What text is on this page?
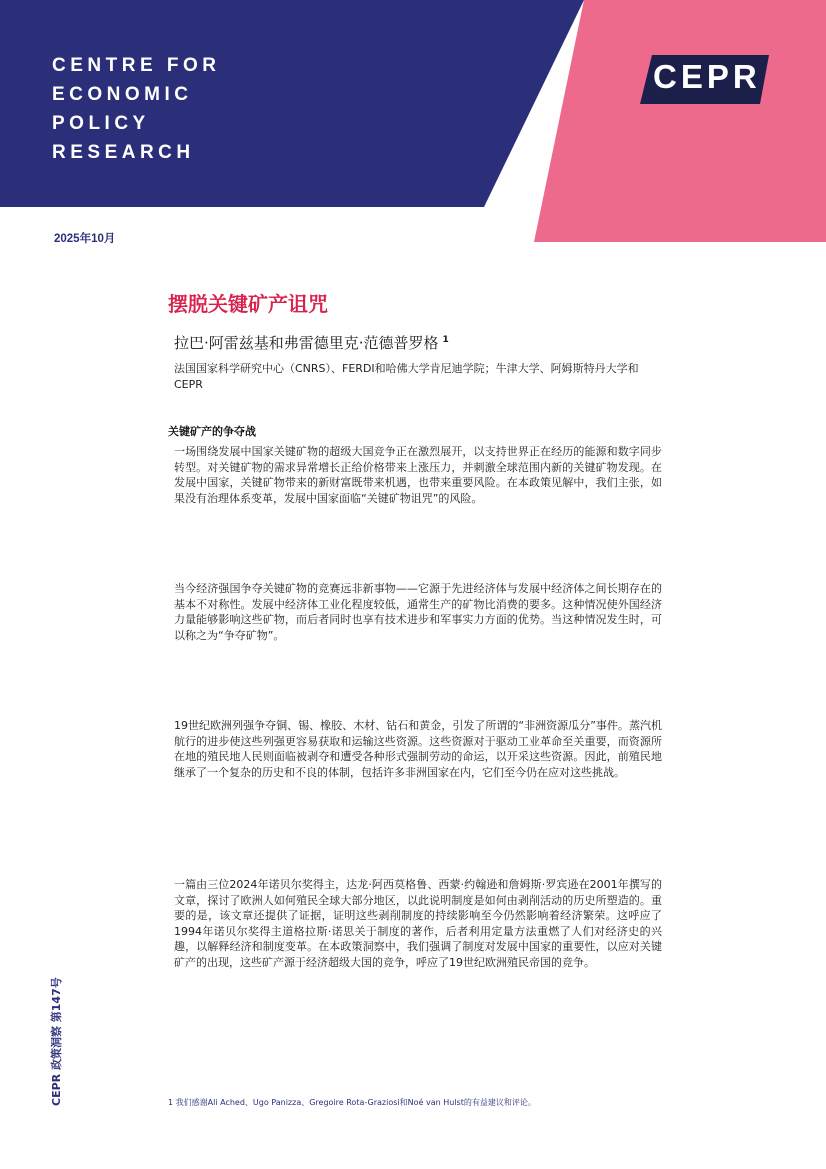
CENTRE FOR
ECONOMIC
POLICY
RESEARCH
CEPR
2025年10月
摆脱关键矿产诅咒
拉巴·阿雷兹基和弗雷德里克·范德普罗格 $^1$
法国国家科学研究中心（CNRS）、FERDI和哈佛大学肯尼迪学院；牛津大学、阿姆斯特丹大学和CEPR
关键矿产的争夺战

一场围绕发展中国家关键矿物的超级大国竞争正在激烈展开，以支持世界正在经历的能源和数字同步转型。对关键矿物的需求异常增长正给价格带来上涨压力，并刺激全球范围内新的关键矿物发现。在发展中国家，关键矿物带来的新财富既带来机遇，也带来重要风险。在本政策见解中，我们主张，如果没有治理体系变革，发展中国家面临“关键矿物诅咒”的风险。

当今经济强国争夺关键矿物的竞赛远非新事物——它源于先进经济体与发展中经济体之间长期存在的基本不对称性。发展中经济体工业化程度较低，通常生产的矿物比消费的要多。这种情况使外国经济力量能够影响这些矿物，而后者同时也享有技术进步和军事实力方面的优势。当这种情况发生时，可以称之为“争夺矿物”。

19世纪欧洲列强争夺铜、锡、橡胶、木材、钻石和黄金，引发了所谓的“非洲资源瓜分”事件。蒸汽机航行的进步使这些列强更容易获取和运输这些资源。这些资源对于驱动工业革命至关重要，而资源所在地的殖民地人民则面临被剥夺和遭受各种形式强制劳动的命运，以开采这些资源。因此，前殖民地继承了一个复杂的历史和不良的体制，包括许多非洲国家在内，它们至今仍在应对这些挑战。

一篇由三位2024年诺贝尔奖得主，达龙·阿西莫格鲁、西蒙·约翰逊和詹姆斯·罗宾逊在2001年撰写的文章，探讨了欧洲人如何殖民全球大部分地区，以此说明制度是如何由剥削活动的历史所塑造的。重要的是，该文章还提供了证据，证明这些剥削制度的持续影响至今仍然影响着经济繁荣。这呼应了1994年诺贝尔奖得主道格拉斯·诺思关于制度的著作，后者利用定量方法重燃了人们对经济史的兴趣，以解释经济和制度变革。在本政策洞察中，我们强调了制度对发展中国家的重要性，以应对关键矿产的出现，这些矿产源于经济超级大国的竞争，呼应了19世纪欧洲殖民帝国的竞争。

CEPR 政策洞察 第147号	1 我们感谢Ali Ached、Ugo Panizza、Gregoire Rota-Graziosi和Noé van Hulst的有益建议和评论。
